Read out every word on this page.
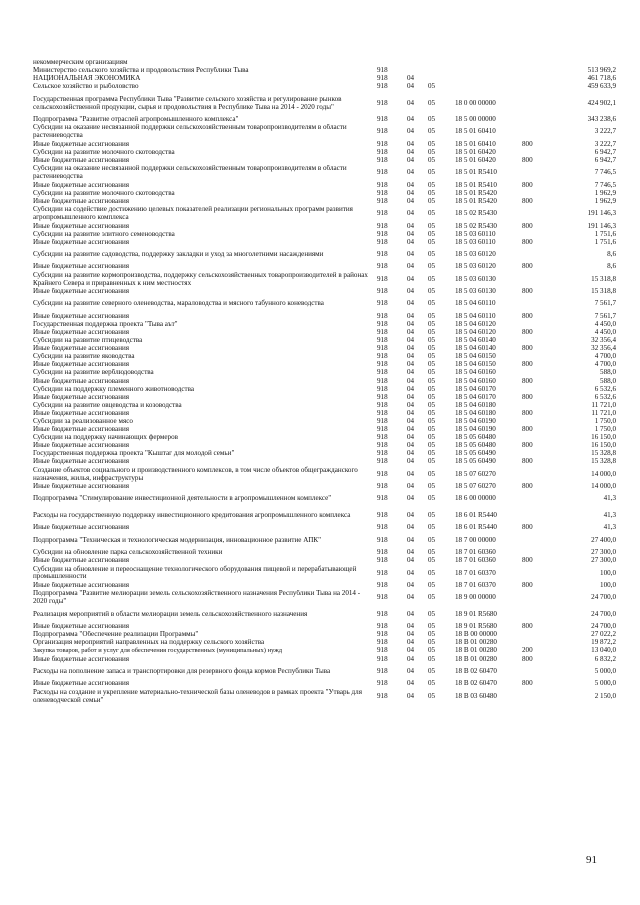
некоммерческим организациям						
Министерство сельского хозяйства и продовольствия Республики Тыва	918					513 969,2
НАЦИОНАЛЬНАЯ ЭКОНОМИКА	918	04				461 718,6
Сельское хозяйство и рыболовство	918	04	05			459 633,9
Государственная программа Республики Тыва "Развитие сельского хозяйства и регулирование рынков сельскохозяйственной продукции, сырья и продовольствия в Республике Тыва на 2014 - 2020 годы"	918	04	05	18 0 00 00000		424 902,1
Подпрограмма "Развитие отраслей агропромышленного комплекса"	918	04	05	18 5 00 00000		343 238,6
Субсидии на оказание несвязанной поддержки сельскохозяйственным товаропроизводителям в области растениеводства	918	04	05	18 5 01 60410		3 222,7
Иные бюджетные ассигнования	918	04	05	18 5 01 60410	800	3 222,7
Субсидии на развитие молочного скотоводства	918	04	05	18 5 01 60420		6 942,7
Иные бюджетные ассигнования	918	04	05	18 5 01 60420	800	6 942,7
Субсидии на оказание несвязанной поддержки сельскохозяйственным товаропроизводителям в области растениеводства	918	04	05	18 5 01 R5410		7 746,5
Иные бюджетные ассигнования	918	04	05	18 5 01 R5410	800	7 746,5
Субсидии на развитие молочного скотоводства	918	04	05	18 5 01 R5420		1 962,9
Иные бюджетные ассигнования	918	04	05	18 5 01 R5420	800	1 962,9
Субсидии на содействие достижению целевых показателей реализации региональных программ развития агропромышленного комплекса	918	04	05	18 5 02 R5430		191 146,3
Иные бюджетные ассигнования	918	04	05	18 5 02 R5430	800	191 146,3
Субсидии на развитие элитного семеноводства	918	04	05	18 5 03 60110		1 751,6
Иные бюджетные ассигнования	918	04	05	18 5 03 60110	800	1 751,6
Субсидии на развитие садоводства, поддержку закладки и уход за многолетними насаждениями	918	04	05	18 5 03 60120		8,6
Иные бюджетные ассигнования	918	04	05	18 5 03 60120	800	8,6
Субсидии на развитие кормопроизводства, поддержку сельскохозяйственных товаропроизводителей в районах Крайнего Севера и приравненных к ним местностях	918	04	05	18 5 03 60130		15 318,8
Иные бюджетные ассигнования	918	04	05	18 5 03 60130	800	15 318,8
Субсидии на развитие северного оленеводства, мараловодства и мясного табунного коневодства	918	04	05	18 5 04 60110		7 561,7
Иные бюджетные ассигнования	918	04	05	18 5 04 60110	800	7 561,7
Государственная поддержка проекта "Тыва аът"	918	04	05	18 5 04 60120		4 450,0
Иные бюджетные ассигнования	918	04	05	18 5 04 60120	800	4 450,0
Субсидии на развитие птицеводства	918	04	05	18 5 04 60140		32 356,4
Иные бюджетные ассигнования	918	04	05	18 5 04 60140	800	32 356,4
Субсидии на развитие яководства	918	04	05	18 5 04 60150		4 700,0
Иные бюджетные ассигнования	918	04	05	18 5 04 60150	800	4 700,0
Субсидии на развитие верблюдоводства	918	04	05	18 5 04 60160		588,0
Иные бюджетные ассигнования	918	04	05	18 5 04 60160	800	588,0
Субсидии на поддержку племенного животноводства	918	04	05	18 5 04 60170		6 532,6
Иные бюджетные ассигнования	918	04	05	18 5 04 60170	800	6 532,6
Субсидии на развитие овцеводства и козоводства	918	04	05	18 5 04 60180		11 721,0
Иные бюджетные ассигнования	918	04	05	18 5 04 60180	800	11 721,0
Субсидии за реализованное мясо	918	04	05	18 5 04 60190		1 750,0
Иные бюджетные ассигнования	918	04	05	18 5 04 60190	800	1 750,0
Субсидии на поддержку начинающих фермеров	918	04	05	18 5 05 60480		16 150,0
Иные бюджетные ассигнования	918	04	05	18 5 05 60480	800	16 150,0
Государственная поддержка проекта "Кыштаг для молодой семьи"	918	04	05	18 5 05 60490		15 328,8
Иные бюджетные ассигнования	918	04	05	18 5 05 60490	800	15 328,8
Создание объектов социального и производственного комплексов, в том числе объектов общегражданского назначения, жилья, инфраструктуры	918	04	05	18 5 07 60270		14 000,0
Иные бюджетные ассигнования	918	04	05	18 5 07 60270	800	14 000,0
Подпрограмма "Стимулирование инвестиционной деятельности в агропромышленном комплексе"	918	04	05	18 6 00 00000		41,3
Расходы на государственную поддержку инвестиционного кредитования агропромышленного комплекса	918	04	05	18 6 01 R5440		41,3
Иные бюджетные ассигнования	918	04	05	18 6 01 R5440	800	41,3
Подпрограмма "Техническая и технологическая модернизация, инновационное развитие АПК"	918	04	05	18 7 00 00000		27 400,0
Субсидии на обновление парка сельскохозяйственной техники	918	04	05	18 7 01 60360		27 300,0
Иные бюджетные ассигнования	918	04	05	18 7 01 60360	800	27 300,0
Субсидии на обновление и переоснащение технологического оборудования пищевой и перерабатывающей промышленности	918	04	05	18 7 01 60370		100,0
Иные бюджетные ассигнования	918	04	05	18 7 01 60370	800	100,0
Подпрограмма "Развитие мелиорации земель сельскохозяйственного назначения Республики Тыва на 2014 - 2020 годы"	918	04	05	18 9 00 00000		24 700,0
Реализация мероприятий в области мелиорации земель сельскохозяйственного назначения	918	04	05	18 9 01 R5680		24 700,0
Иные бюджетные ассигнования	918	04	05	18 9 01 R5680	800	24 700,0
Подпрограмма "Обеспечение реализации Программы"	918	04	05	18 В 00 00000		27 022,2
Организация мероприятий направленных на поддержку сельского хозяйства	918	04	05	18 В 01 00280		19 872,2
Закупка товаров, работ и услуг для обеспечения государственных (муниципальных) нужд	918	04	05	18 В 01 00280	200	13 040,0
Иные бюджетные ассигнования	918	04	05	18 В 01 00280	800	6 832,2
Расходы на пополнение запаса и транспортировки для резервного фонда кормов Республики Тыва	918	04	05	18 В 02 60470		5 000,0
Иные бюджетные ассигнования	918	04	05	18 В 02 60470	800	5 000,0
Расходы на создание и укрепление материально-технической базы оленеводов в рамках проекта "Утварь для оленеводческой семьи"	918	04	05	18 В 03 60480		2 150,0
91
